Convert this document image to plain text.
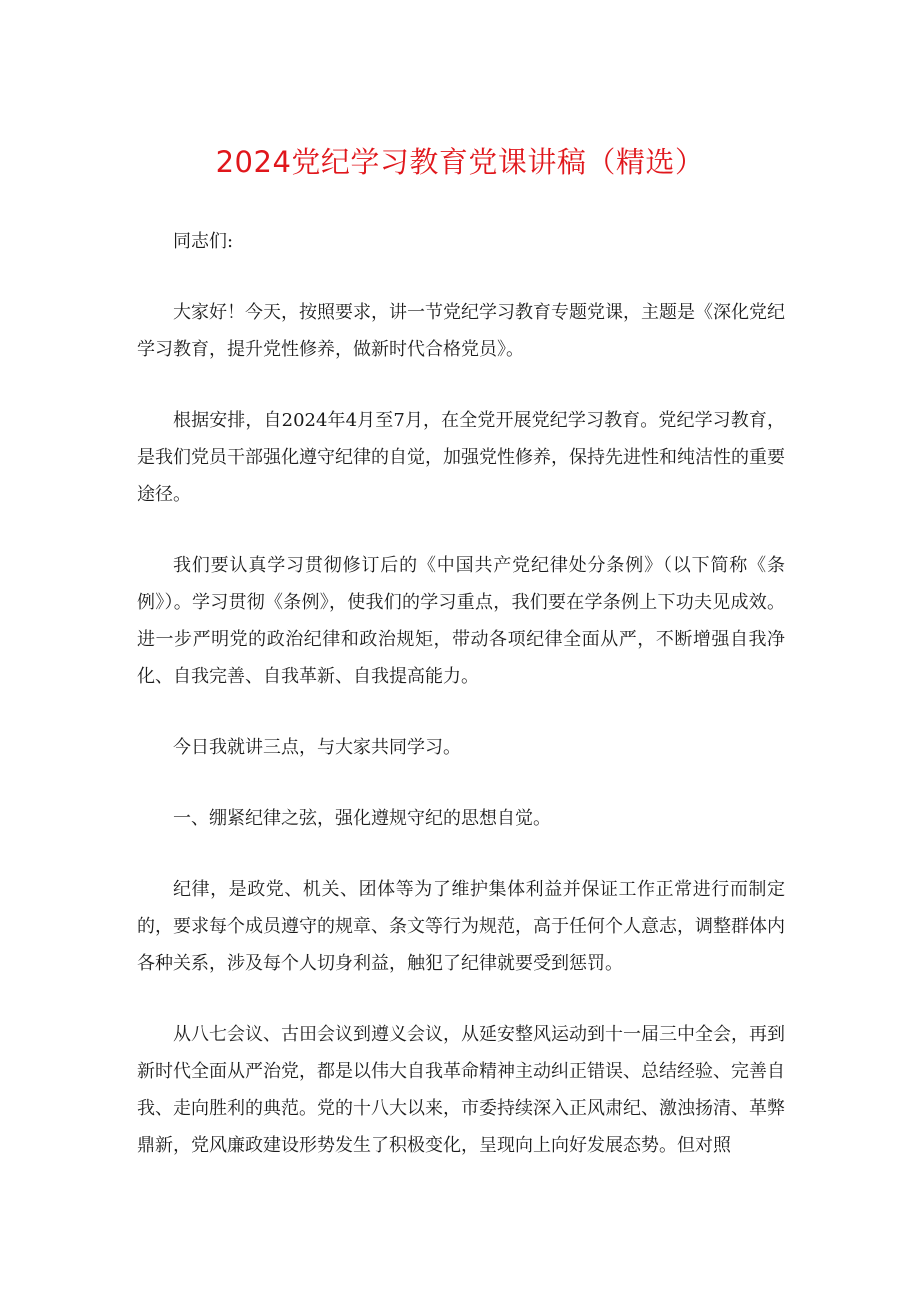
2024党纪学习教育党课讲稿（精选）

同志们:

大家好！今天，按照要求，讲一节党纪学习教育专题党课，主题是《深化党纪学习教育，提升党性修养，做新时代合格党员》。

根据安排，自2024年4月至7月，在全党开展党纪学习教育。党纪学习教育，是我们党员干部强化遵守纪律的自觉，加强党性修养，保持先进性和纯洁性的重要途径。

我们要认真学习贯彻修订后的《中国共产党纪律处分条例》（以下简称《条例》）。学习贯彻《条例》，使我们的学习重点，我们要在学条例上下功夫见成效。进一步严明党的政治纪律和政治规矩，带动各项纪律全面从严，不断增强自我净化、自我完善、自我革新、自我提高能力。

今日我就讲三点，与大家共同学习。

一、绷紧纪律之弦，强化遵规守纪的思想自觉。

纪律，是政党、机关、团体等为了维护集体利益并保证工作正常进行而制定的，要求每个成员遵守的规章、条文等行为规范，高于任何个人意志，调整群体内各种关系，涉及每个人切身利益，触犯了纪律就要受到惩罚。

从八七会议、古田会议到遵义会议，从延安整风运动到十一届三中全会，再到新时代全面从严治党，都是以伟大自我革命精神主动纠正错误、总结经验、完善自我、走向胜利的典范。党的十八大以来，市委持续深入正风肃纪、激浊扬清、革弊鼎新，党风廉政建设形势发生了积极变化，呈现向上向好发展态势。但对照
